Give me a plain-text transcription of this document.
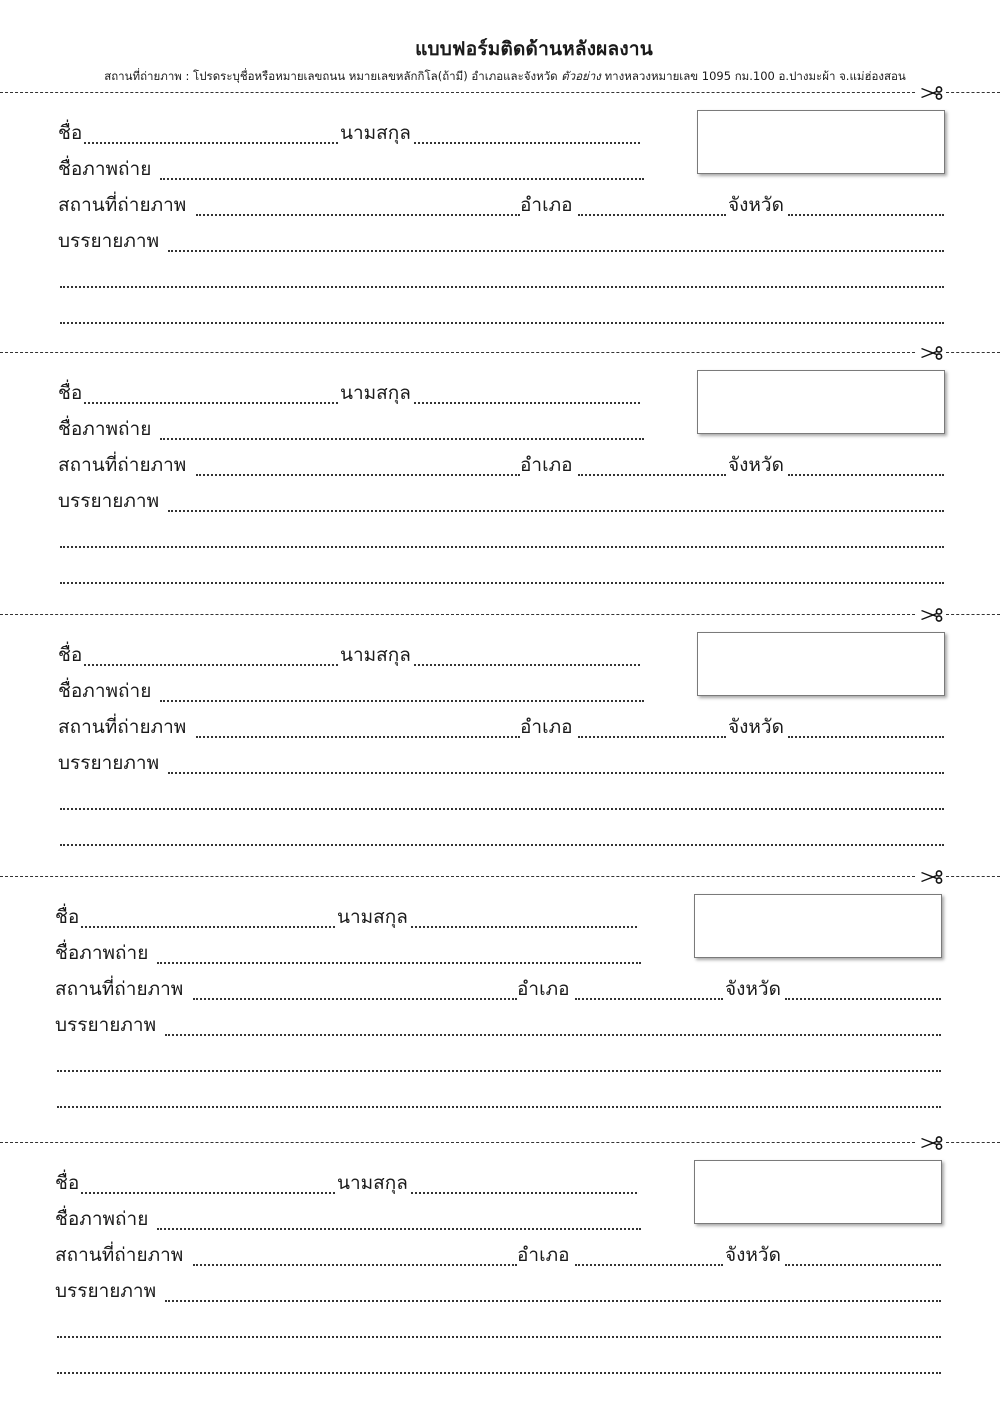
แบบฟอร์มติดด้านหลังผลงาน
สถานที่ถ่ายภาพ : โปรดระบุชื่อหรือหมายเลขถนน หมายเลขหลักกิโล(ถ้ามี) อำเภอและจังหวัด ตัวอย่าง ทางหลวงหมายเลข 1095 กม.100 อ.ปางมะผ้า จ.แม่ฮ่องสอน
ชื่อ	นามสกุล
ชื่อภาพถ่าย
สถานที่ถ่ายภาพ	อำเภอ	จังหวัด
บรรยายภาพ
ชื่อ	นามสกุล
ชื่อภาพถ่าย
สถานที่ถ่ายภาพ	อำเภอ	จังหวัด
บรรยายภาพ
ชื่อ	นามสกุล
ชื่อภาพถ่าย
สถานที่ถ่ายภาพ	อำเภอ	จังหวัด
บรรยายภาพ
ชื่อ	นามสกุล
ชื่อภาพถ่าย
สถานที่ถ่ายภาพ	อำเภอ	จังหวัด
บรรยายภาพ
ชื่อ	นามสกุล
ชื่อภาพถ่าย
สถานที่ถ่ายภาพ	อำเภอ	จังหวัด
บรรยายภาพ
